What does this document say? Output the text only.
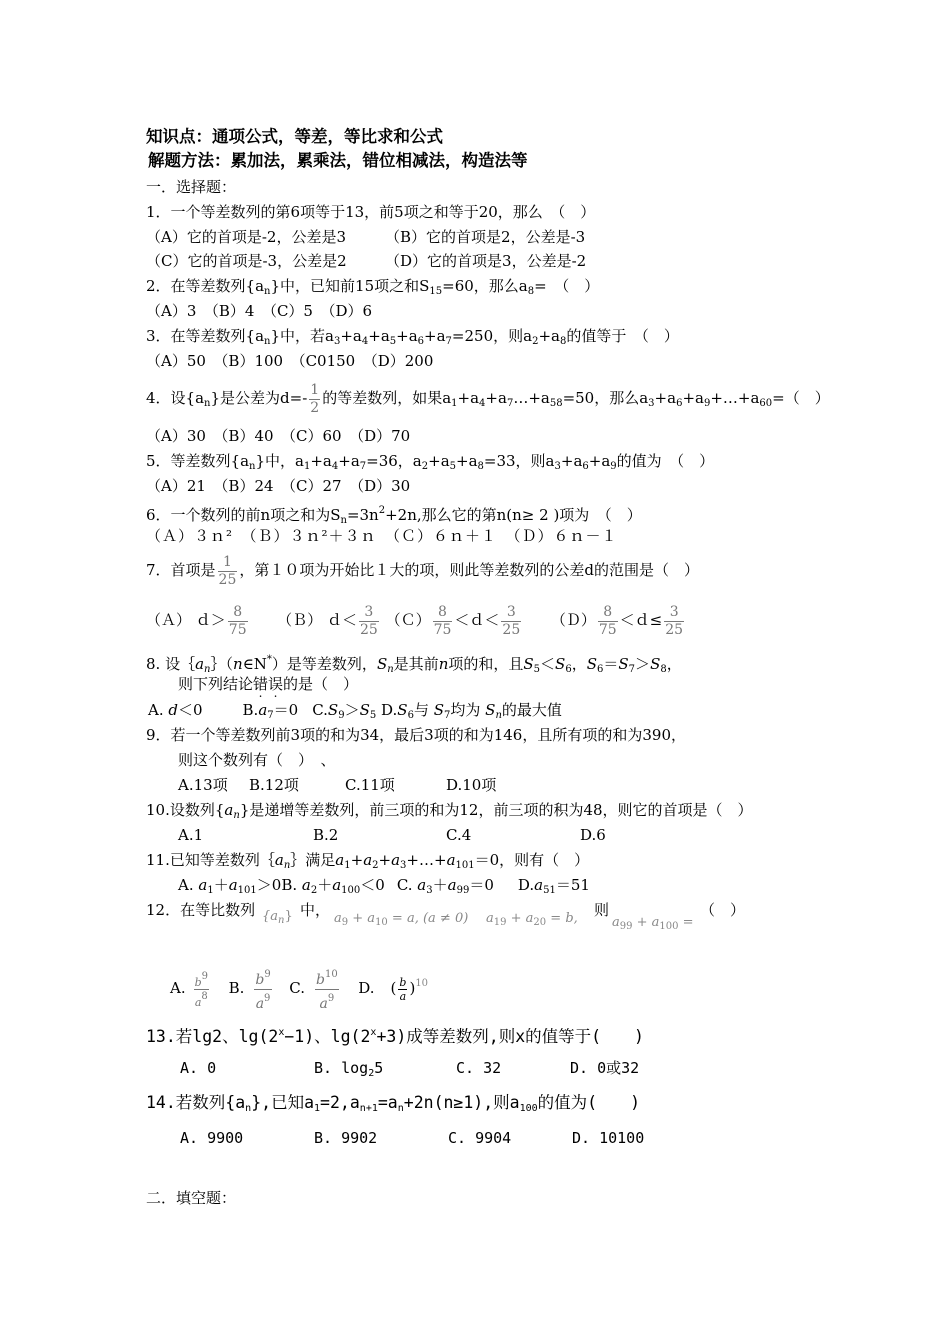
知识点：通项公式，等差，等比求和公式
解题方法：累加法，累乘法，错位相减法，构造法等
一．选择题：
1．一个等差数列的第6项等于13，前5项之和等于20，那么　（　）
（A）它的首项是-2，公差是3	（B）它的首项是2，公差是-3
（C）它的首项是-3，公差是2	（D）它的首项是3，公差是-2
2．在等差数列$\{a_n\}$中，已知前15项之和$S_{15}=60$，那么$a_8=$　（　）
（A）3　（B）4　（C）5　（D）6
3．在等差数列$\{a_n\}$中，若$a_3+a_4+a_5+a_6+a_7=250$，则$a_2+a_8$的值等于　（　）
（A）50　（B）100　（C0150　（D）200
4．设$\{a_n\}$是公差为$d=- \frac{1}{2}$ 的等差数列，如果$a_1+a_4+a_7\dots+a_{58}=50$，那么$a_3+a_6+a_9+\dots+a_{60}=$（　）
（A）30　（B）40　（C）60　（D）70
5．等差数列$\{a_n\}$中，$a_1+a_4+a_7=36$，$a_2+a_5+a_8=33$，则$a_3+a_6+a_9$的值为　（　）
（A）21　（B）24　（C）27　（D）30
6．一个数列的前n项之和为$S_n=3n^2+2n$,那么它的第n(n≥ 2 )项为　（　）
（Ａ）３ｎ²　（Ｂ）３ｎ²＋３ｎ　（Ｃ）６ｎ＋１　（Ｄ）６ｎ－１
7．首项是 $\frac{1}{25}$ ，第１０项为开始比１大的项，则此等差数列的公差d的范围是（　）
（Ａ） ｄ＞ $\frac{8}{75}$ （Ｂ） ｄ＜ $\frac{3}{25}$ （Ｃ） $\frac{8}{75}$ ＜ｄ＜ $\frac{3}{25}$ （Ｄ） $\frac{8}{75}$ ＜ｄ≤ $\frac{3}{25}$
8. 设$\{a_n\}(n\in N^*)$是等差数列，$S_n$是其前n项的和，且$S_5<S_6$，$S_6=S_7>S_8$，
则下列结论错误的是（　）
A. d＜0	$B.a_7=0$ $C.S_9>S_5$ $D.S_6$与 $S_7$均为 $S_n$的最大值
9．若一个等差数列前3项的和为34，最后3项的和为146，且所有项的和为390，
则这个数列有（　）　、
A.13项 B.12项	C.11项	D.10项
10.设数列$\{a_n\}$是递增等差数列，前三项的和为12，前三项的积为48，则它的首项是（　）
A.1	B.2	C.4	D.6
11.已知等差数列$\{a_n\}$满足$a_1+a_2+a_3+\dots+a_{101}=0$，则有（　）
A. $a_1+a_{101}>0B$. $a_2+a_{100}<0$ C. $a_3+a_{99}=0$ $D.a_{51}=51$
12．在等比数列 $\{a_n\}$ 中， $a_9 + a_{10} = a$, (a ≠ 0) $a_{19} + a_{20} = b$, 则
$a_{99} + a_{100}$ =
（　）
A. $\frac{b9}{a8} B$. $\frac{b^9}{a^9} C$. $\frac{b^{10}}{a^9} D$. ( $\frac{b}{a} )^{10}$
13.若lg2、$\lg(2^x-1)$、$\lg(2^x+3)$成等差数列,则x的值等于(　　)
A. 0	B. $\log_25$	C. 32	D. 0或32
14.若数列$\{a_n\}$,已知$a_1=2,a_{n+1}=a_n+2n(n\ge 1)$,则$a_{100}$的值为(　　)
A. 9900	B. 9902	C. 9904	D. 10100
二．填空题：
